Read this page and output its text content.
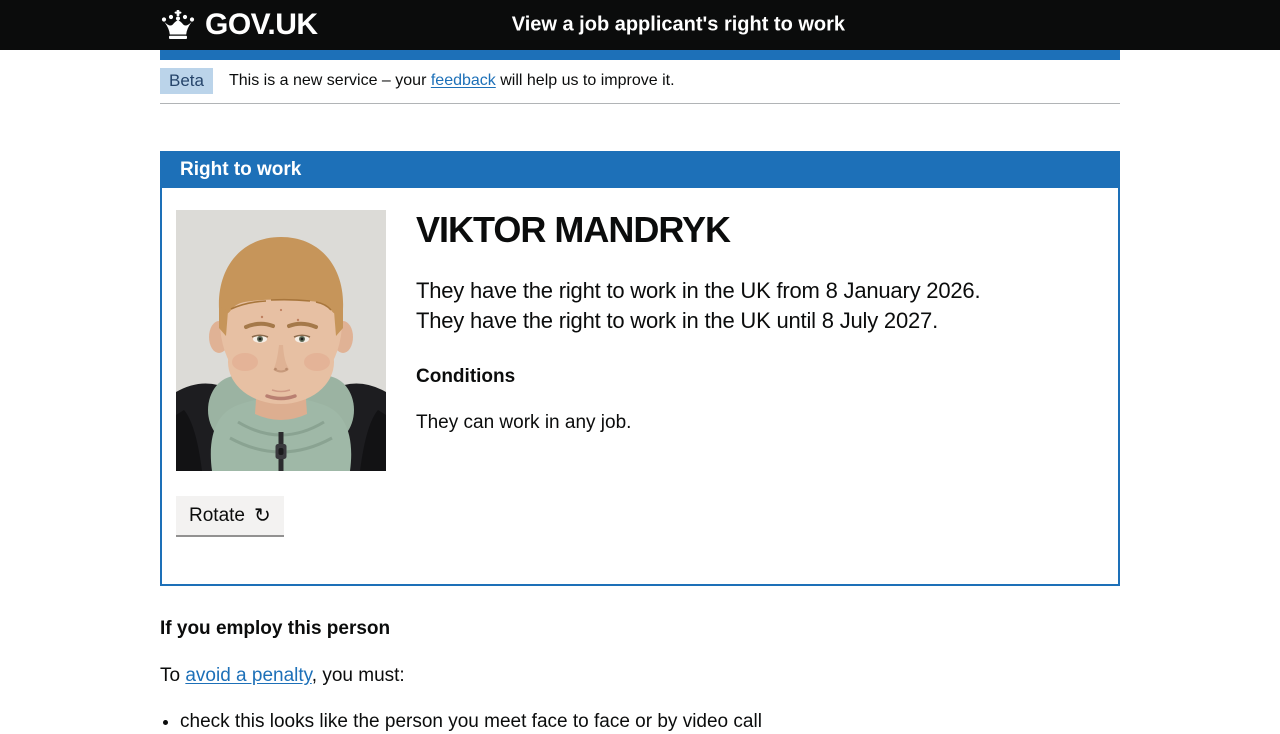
GOV.UK	View a job applicant's right to work
Beta	This is a new service – your feedback will help us to improve it.
Right to work
Rotate ↻
VIKTOR MANDRYK

They have the right to work in the UK from 8 January 2026.

They have the right to work in the UK until 8 July 2027.

Conditions

They can work in any job.

If you employ this person

To avoid a penalty, you must:

• check this looks like the person you meet face to face or by video call
